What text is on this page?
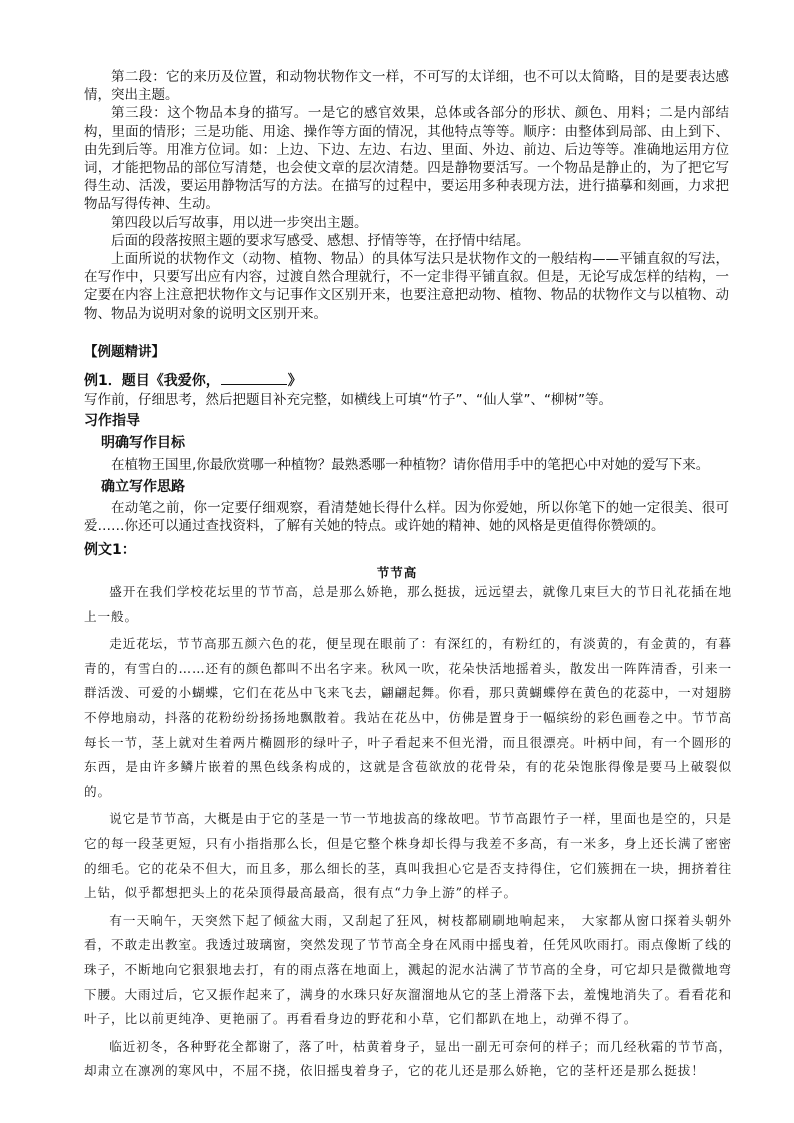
第二段：它的来历及位置，和动物状物作文一样，不可写的太详细，也不可以太简略，目的是要表达感情，突出主题。

第三段：这个物品本身的描写。一是它的感官效果，总体或各部分的形状、颜色、用料；二是内部结构，里面的情形；三是功能、用途、操作等方面的情况，其他特点等等。顺序：由整体到局部、由上到下、由先到后等。用准方位词。如：上边、下边、左边、右边、里面、外边、前边、后边等等。准确地运用方位词，才能把物品的部位写清楚，也会使文章的层次清楚。四是静物要活写。一个物品是静止的，为了把它写得生动、活泼，要运用静物活写的方法。在描写的过程中，要运用多种表现方法，进行描摹和刻画，力求把物品写得传神、生动。

第四段以后写故事，用以进一步突出主题。

后面的段落按照主题的要求写感受、感想、抒情等等，在抒情中结尾。

上面所说的状物作文（动物、植物、物品）的具体写法只是状物作文的一般结构——平铺直叙的写法，在写作中，只要写出应有内容，过渡自然合理就行，不一定非得平铺直叙。但是，无论写成怎样的结构，一定要在内容上注意把状物作文与记事作文区别开来，也要注意把动物、植物、物品的状物作文与以植物、动物、物品为说明对象的说明文区别开来。

【例题精讲】
例1．题目《我爱你，	》
写作前，仔细思考，然后把题目补充完整，如横线上可填“竹子”、“仙人掌”、“柳树”等。
习作指导
明确写作目标

在植物王国里,你最欣赏哪一种植物？最熟悉哪一种植物？请你借用手中的笔把心中对她的爱写下来。

确立写作思路

在动笔之前，你一定要仔细观察，看清楚她长得什么样。因为你爱她，所以你笔下的她一定很美、很可爱……你还可以通过查找资料，了解有关她的特点。或许她的精神、她的风格是更值得你赞颂的。

例文1：
节节高

盛开在我们学校花坛里的节节高，总是那么娇艳，那么挺拔，远远望去，就像几束巨大的节日礼花插在地上一般。

走近花坛，节节高那五颜六色的花，便呈现在眼前了：有深红的，有粉红的，有淡黄的，有金黄的，有暮青的，有雪白的……还有的颜色都叫不出名字来。秋风一吹，花朵快活地摇着头，散发出一阵阵清香，引来一群活泼、可爱的小蝴蝶，它们在花丛中飞来飞去，翩翩起舞。你看，那只黄蝴蝶停在黄色的花蕊中，一对翅膀不停地扇动，抖落的花粉纷纷扬扬地飘散着。我站在花丛中，仿佛是置身于一幅缤纷的彩色画卷之中。节节高每长一节，茎上就对生着两片椭圆形的绿叶子，叶子看起来不但光滑，而且很漂亮。叶柄中间，有一个圆形的东西，是由许多鳞片嵌着的黑色线条构成的，这就是含苞欲放的花骨朵，有的花朵饱胀得像是要马上破裂似的。

说它是节节高，大概是由于它的茎是一节一节地拔高的缘故吧。节节高跟竹子一样，里面也是空的，只是它的每一段茎更短，只有小指指那么长，但是它整个株身却长得与我差不多高，有一米多，身上还长满了密密的细毛。它的花朵不但大，而且多，那么细长的茎，真叫我担心它是否支持得住，它们簇拥在一块，拥挤着往上钻，似乎都想把头上的花朵顶得最高最高，很有点“力争上游”的样子。

有一天晌午，天突然下起了倾盆大雨，又刮起了狂风，树枝都刷刷地响起来，　大家都从窗口探着头朝外看，不敢走出教室。我透过玻璃窗，突然发现了节节高全身在风雨中摇曳着，任凭风吹雨打。雨点像断了线的珠子，不断地向它狠狠地去打，有的雨点落在地面上，溅起的泥水沾满了节节高的全身，可它却只是微微地弯下腰。大雨过后，它又振作起来了，满身的水珠只好灰溜溜地从它的茎上滑落下去，羞愧地消失了。看看花和叶子，比以前更纯净、更艳丽了。再看看身边的野花和小草，它们都趴在地上，动弹不得了。

临近初冬，各种野花全都谢了，落了叶，枯黄着身子，显出一副无可奈何的样子；而几经秋霜的节节高，却肃立在凛冽的寒风中，不屈不挠，依旧摇曳着身子，它的花儿还是那么娇艳，它的茎杆还是那么挺拔！
